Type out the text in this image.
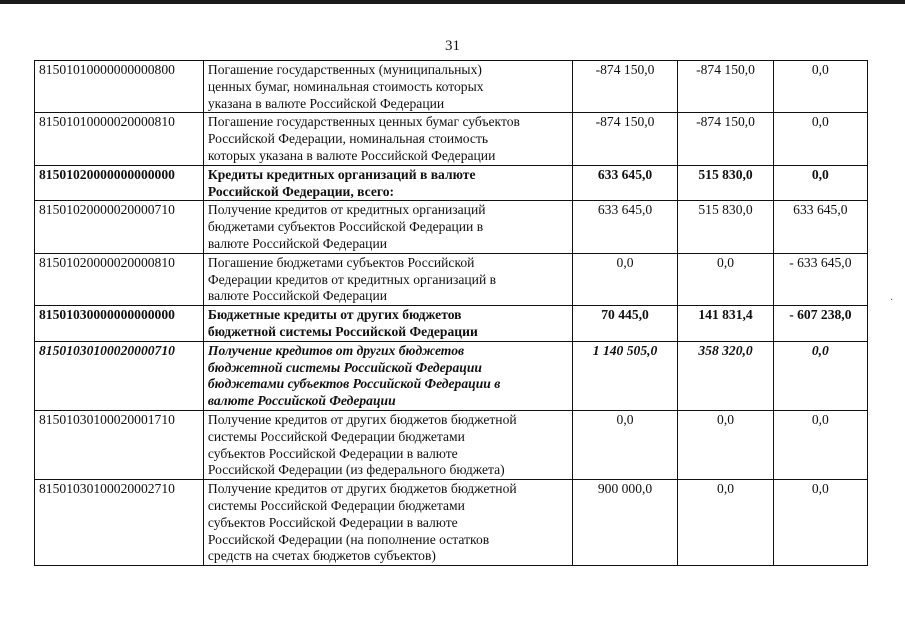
31
·
81501010000000000800	Погашение государственных (муниципальных)
ценных бумаг, номинальная стоимость которых
указана в валюте Российской Федерации	-874 150,0	-874 150,0	0,0
81501010000020000810	Погашение государственных ценных бумаг субъектов
Российской Федерации, номинальная стоимость
которых указана в валюте Российской Федерации	-874 150,0	-874 150,0	0,0
81501020000000000000	Кредиты кредитных организаций в валюте
Российской Федерации, всего:	633 645,0	515 830,0	0,0
81501020000020000710	Получение кредитов от кредитных организаций
бюджетами субъектов Российской Федерации в
валюте Российской Федерации	633 645,0	515 830,0	633 645,0
81501020000020000810	Погашение бюджетами субъектов Российской
Федерации кредитов от кредитных организаций в
валюте Российской Федерации	0,0	0,0	- 633 645,0
81501030000000000000	Бюджетные кредиты от других бюджетов
бюджетной системы Российской Федерации	70 445,0	141 831,4	- 607 238,0
81501030100020000710	Получение кредитов от других бюджетов
бюджетной системы Российской Федерации
бюджетами субъектов Российской Федерации в
валюте Российской Федерации	1 140 505,0	358 320,0	0,0
81501030100020001710	Получение кредитов от других бюджетов бюджетной
системы Российской Федерации бюджетами
субъектов Российской Федерации в валюте
Российской Федерации (из федерального бюджета)	0,0	0,0	0,0
81501030100020002710	Получение кредитов от других бюджетов бюджетной
системы Российской Федерации бюджетами
субъектов Российской Федерации в валюте
Российской Федерации (на пополнение остатков
средств на счетах бюджетов субъектов)	900 000,0	0,0	0,0
